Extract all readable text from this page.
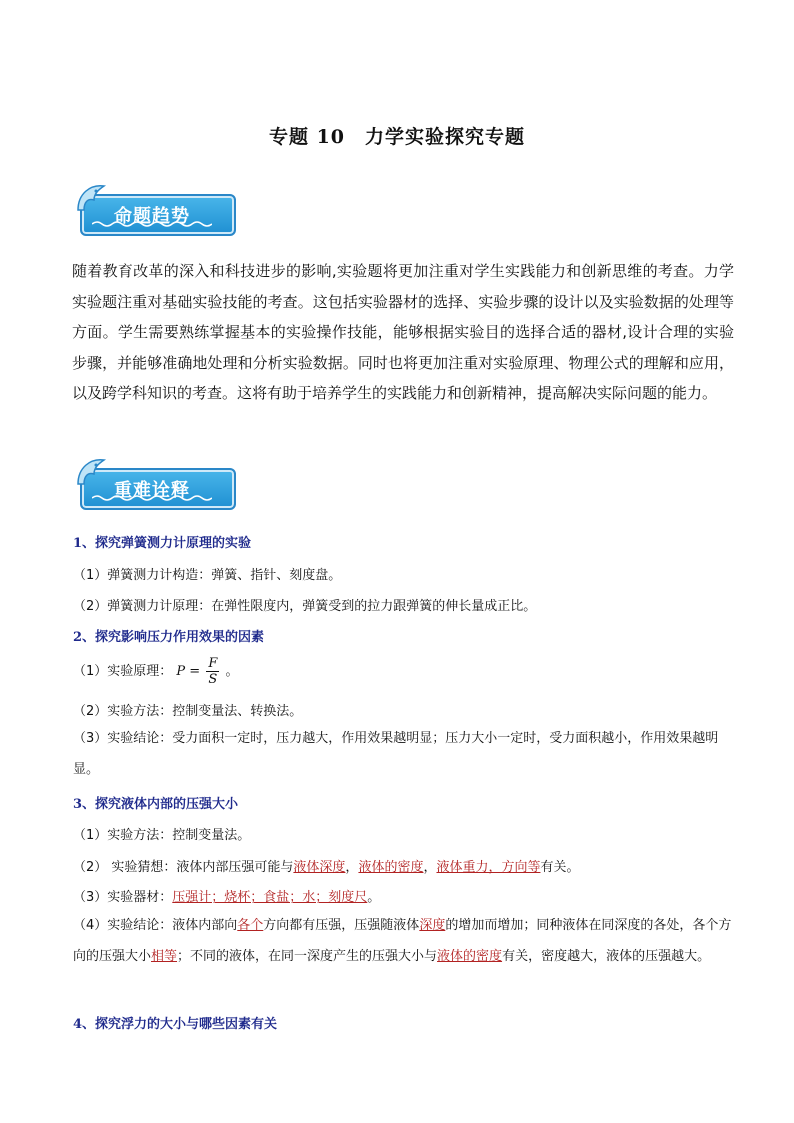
专题 10　力学实验探究专题
命题趋势
随着教育改革的深入和科技进步的影响,实验题将更加注重对学生实践能力和创新思维的考查。力学实验题注重对基础实验技能的考查。这包括实验器材的选择、实验步骤的设计以及实验数据的处理等方面。学生需要熟练掌握基本的实验操作技能，能够根据实验目的选择合适的器材,设计合理的实验步骤，并能够准确地处理和分析实验数据。同时也将更加注重对实验原理、物理公式的理解和应用，以及跨学科知识的考查。这将有助于培养学生的实践能力和创新精神，提高解决实际问题的能力。
重难诠释
1、探究弹簧测力计原理的实验
（1）弹簧测力计构造：弹簧、指针、刻度盘。
（2）弹簧测力计原理：在弹性限度内，弹簧受到的拉力跟弹簧的伸长量成正比。
2、探究影响压力作用效果的因素
（1）实验原理： $P = \frac{F}{S}$ 。
（2）实验方法：控制变量法、转换法。
（3）实验结论：受力面积一定时，压力越大，作用效果越明显；压力大小一定时，受力面积越小，作用效果越明显。
3、探究液体内部的压强大小
（1）实验方法：控制变量法。
（2） 实验猜想：液体内部压强可能与液体深度，液体的密度，液体重力，方向等有关。
（3）实验器材：压强计；烧杯；食盐；水；刻度尺。
（4）实验结论：液体内部向各个方向都有压强，压强随液体深度的增加而增加；同种液体在同深度的各处，各个方向的压强大小相等；不同的液体，在同一深度产生的压强大小与液体的密度有关，密度越大，液体的压强越大。
4、探究浮力的大小与哪些因素有关
